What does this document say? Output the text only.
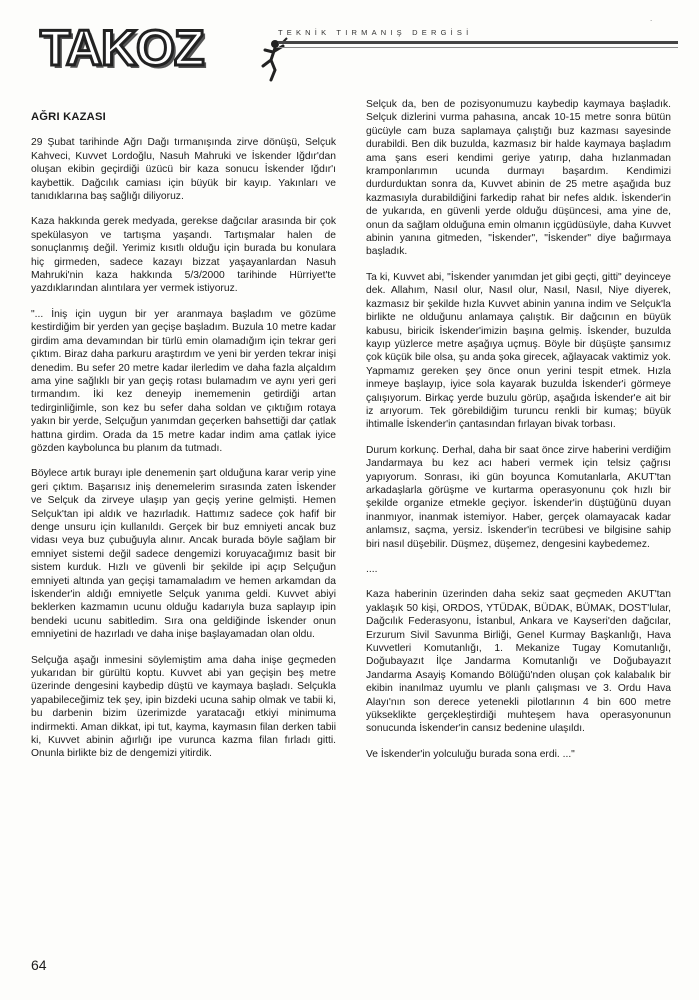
TAKOZ	TEKNİK TIRMANIŞ DERGİSİ
.
AĞRI KAZASI

29 Şubat tarihinde Ağrı Dağı tırmanışında zirve dönüşü, Selçuk Kahveci, Kuvvet Lordoğlu, Nasuh Mahruki ve İskender Iğdır'dan oluşan ekibin geçirdiği üzücü bir kaza sonucu İskender Iğdır'ı kaybettik. Dağcılık camiası için büyük bir kayıp. Yakınları ve tanıdıklarına baş sağlığı diliyoruz.

Kaza hakkında gerek medyada, gerekse dağcılar arasında bir çok spekülasyon ve tartışma yaşandı. Tartışmalar halen de sonuçlanmış değil. Yerimiz kısıtlı olduğu için burada bu konulara hiç girmeden, sadece kazayı bizzat yaşayanlardan Nasuh Mahruki'nin kaza hakkında 5/3/2000 tarihinde Hürriyet'te yazdıklarından alıntılara yer vermek istiyoruz.

"... İniş için uygun bir yer aranmaya başladım ve gözüme kestirdiğim bir yerden yan geçişe başladım. Buzula 10 metre kadar girdim ama devamından bir türlü emin olamadığım için tekrar geri çıktım. Biraz daha parkuru araştırdım ve yeni bir yerden tekrar inişi denedim. Bu sefer 20 metre kadar ilerledim ve daha fazla alçaldım ama yine sağlıklı bir yan geçiş rotası bulamadım ve aynı yeri geri tırmandım. İki kez deneyip inememenin getirdiği artan tedirginliğimle, son kez bu sefer daha soldan ve çıktığım rotaya yakın bir yerde, Selçuğun yanımdan geçerken bahsettiği dar çatlak hattına girdim. Orada da 15 metre kadar indim ama çatlak iyice gözden kaybolunca bu planım da tutmadı.

Böylece artık burayı iple denemenin şart olduğuna karar verip yine geri çıktım. Başarısız iniş denemelerim sırasında zaten İskender ve Selçuk da zirveye ulaşıp yan geçiş yerine gelmişti. Hemen Selçuk'tan ipi aldık ve hazırladık. Hattımız sadece çok hafif bir denge unsuru için kullanıldı. Gerçek bir buz emniyeti ancak buz vidası veya buz çubuğuyla alınır. Ancak burada böyle sağlam bir emniyet sistemi değil sadece dengemizi koruyacağımız basit bir sistem kurduk. Hızlı ve güvenli bir şekilde ipi açıp Selçuğun emniyeti altında yan geçişi tamamaladım ve hemen arkamdan da İskender'in aldığı emniyetle Selçuk yanıma geldi. Kuvvet abiyi beklerken kazmamın ucunu olduğu kadarıyla buza saplayıp ipin bendeki ucunu sabitledim. Sıra ona geldiğinde İskender onun emniyetini de hazırladı ve daha inişe başlayamadan olan oldu.

Selçuğa aşağı inmesini söylemiştim ama daha inişe geçmeden yukarıdan bir gürültü koptu. Kuvvet abi yan geçişin beş metre üzerinde dengesini kaybedip düştü ve kaymaya başladı. Selçukla yapabileceğimiz tek şey, ipin bizdeki ucuna sahip olmak ve tabii ki, bu darbenin bizim üzerimizde yaratacağı etkiyi minimuma indirmekti. Aman dikkat, ipi tut, kayma, kaymasın filan derken tabii ki, Kuvvet abinin ağırlığı ipe vurunca kazma filan fırladı gitti. Onunla birlikte biz de dengemizi yitirdik.

Selçuk da, ben de pozisyonumuzu kaybedip kaymaya başladık. Selçuk dizlerini vurma pahasına, ancak 10-15 metre sonra bütün gücüyle cam buza saplamaya çalıştığı buz kazması sayesinde durabildi. Ben dik buzulda, kazmasız bir halde kaymaya başladım ama şans eseri kendimi geriye yatırıp, daha hızlanmadan kramponlarımın ucunda durmayı başardım. Kendimizi durdurduktan sonra da, Kuvvet abinin de 25 metre aşağıda buz kazmasıyla durabildiğini farkedip rahat bir nefes aldık. İskender'in de yukarıda, en güvenli yerde olduğu düşüncesi, ama yine de, onun da sağlam olduğuna emin olmanın içgüdüsüyle, daha Kuvvet abinin yanına gitmeden, "İskender", "İskender" diye bağırmaya başladık.

Ta ki, Kuvvet abi, "İskender yanımdan jet gibi geçti, gitti" deyinceye dek. Allahım, Nasıl olur, Nasıl olur, Nasıl, Nasıl, Niye diyerek, kazmasız bir şekilde hızla Kuvvet abinin yanına indim ve Selçuk'la birlikte ne olduğunu anlamaya çalıştık. Bir dağcının en büyük kabusu, biricik İskender'imizin başına gelmiş. İskender, buzulda kayıp yüzlerce metre aşağıya uçmuş. Böyle bir düşüşte şansımız çok küçük bile olsa, şu anda şoka girecek, ağlayacak vaktimiz yok. Yapmamız gereken şey önce onun yerini tespit etmek. Hızla inmeye başlayıp, iyice sola kayarak buzulda İskender'i görmeye çalışıyorum. Birkaç yerde buzulu görüp, aşağıda İskender'e ait bir iz arıyorum. Tek görebildiğim turuncu renkli bir kumaş; büyük ihtimalle İskender'in çantasından fırlayan bivak torbası.

Durum korkunç. Derhal, daha bir saat önce zirve haberini verdiğim Jandarmaya bu kez acı haberi vermek için telsiz çağrısı yapıyorum. Sonrası, iki gün boyunca Komutanlarla, AKUT'tan arkadaşlarla görüşme ve kurtarma operasyonunu çok hızlı bir şekilde organize etmekle geçiyor. İskender'in düştüğünü duyan inanmıyor, inanmak istemiyor. Haber, gerçek olamayacak kadar anlamsız, saçma, yersiz. İskender'in tecrübesi ve bilgisine sahip biri nasıl düşebilir. Düşmez, düşemez, dengesini kaybedemez.

....

Kaza haberinin üzerinden daha sekiz saat geçmeden AKUT'tan yaklaşık 50 kişi, ORDOS, YTÜDAK, BÜDAK, BÜMAK, DOST'lular, Dağcılık Federasyonu, İstanbul, Ankara ve Kayseri'den dağcılar, Erzurum Sivil Savunma Birliği, Genel Kurmay Başkanlığı, Hava Kuvvetleri Komutanlığı, 1. Mekanize Tugay Komutanlığı, Doğubayazıt İlçe Jandarma Komutanlığı ve Doğubayazıt Jandarma Asayiş Komando Bölüğü'nden oluşan çok kalabalık bir ekibin inanılmaz uyumlu ve planlı çalışması ve 3. Ordu Hava Alayı'nın son derece yetenekli pilotlarının 4 bin 600 metre yükseklikte gerçekleştirdiği muhteşem hava operasyonunun sonucunda İskender'in cansız bedenine ulaşıldı.

Ve İskender'in yolculuğu burada sona erdi. ..."

64
